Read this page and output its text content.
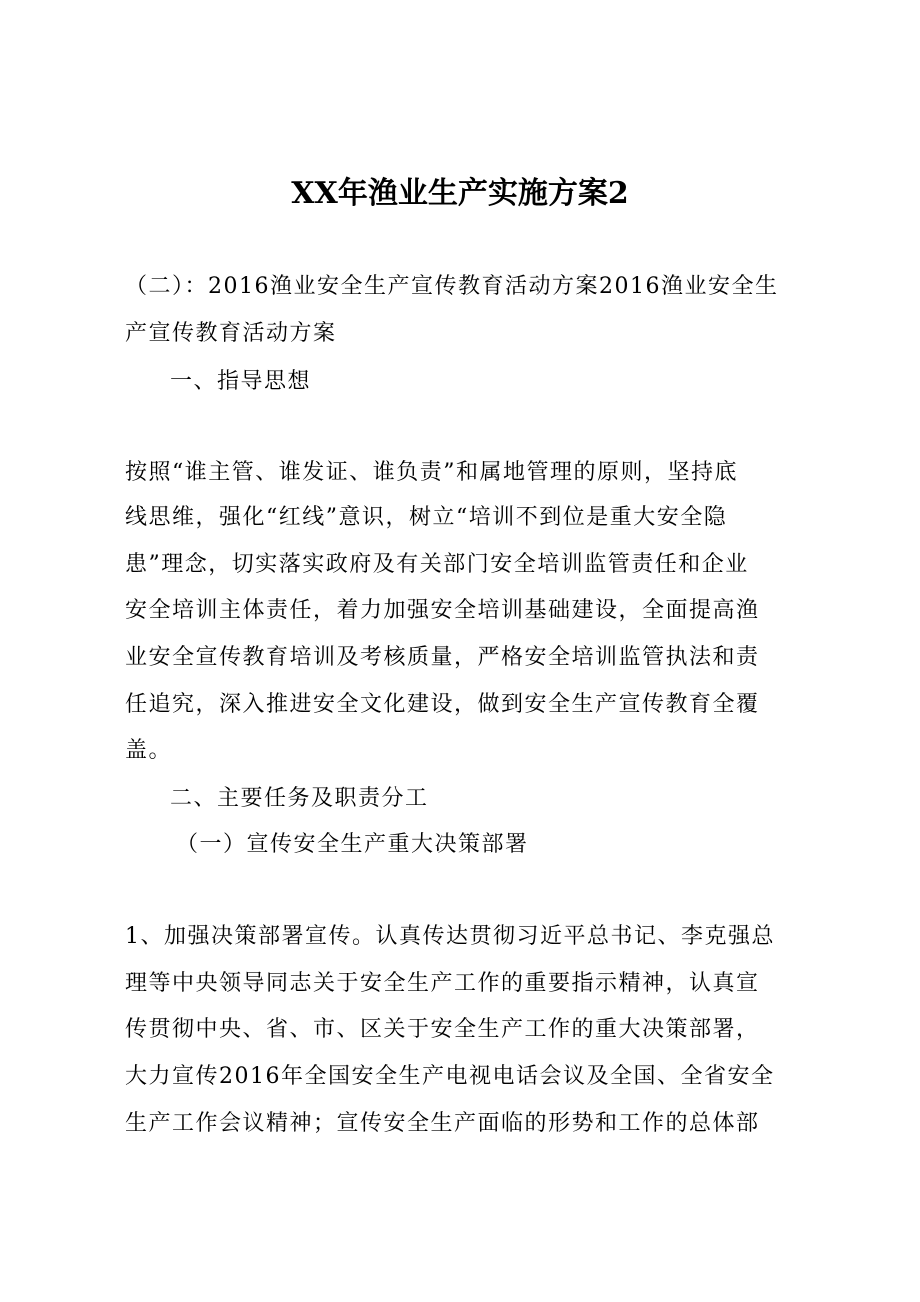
XX年渔业生产实施方案2
（二）：2016渔业安全生产宣传教育活动方案2016渔业安全生
产宣传教育活动方案
一、指导思想
按照“谁主管、谁发证、谁负责”和属地管理的原则，坚持底
线思维，强化“红线”意识，树立“培训不到位是重大安全隐
患”理念，切实落实政府及有关部门安全培训监管责任和企业
安全培训主体责任，着力加强安全培训基础建设，全面提高渔
业安全宣传教育培训及考核质量，严格安全培训监管执法和责
任追究，深入推进安全文化建设，做到安全生产宣传教育全覆
盖。
二、主要任务及职责分工
（一）宣传安全生产重大决策部署
1、加强决策部署宣传。认真传达贯彻习近平总书记、李克强总
理等中央领导同志关于安全生产工作的重要指示精神，认真宣
传贯彻中央、省、市、区关于安全生产工作的重大决策部署，
大力宣传2016年全国安全生产电视电话会议及全国、全省安全
生产工作会议精神；宣传安全生产面临的形势和工作的总体部
